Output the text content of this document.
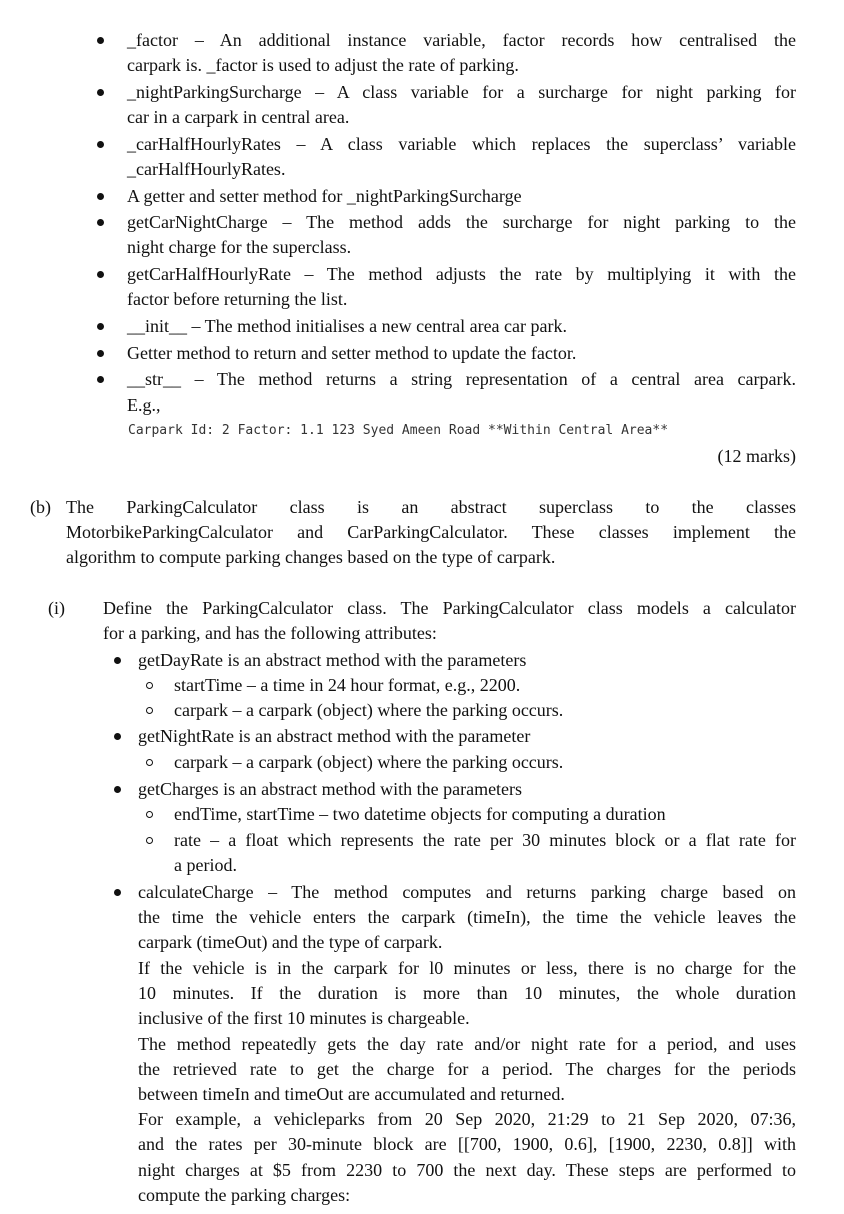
_factor – An additional instance variable, factor records how centralised the
carpark is. _factor is used to adjust the rate of parking.
_nightParkingSurcharge – A class variable for a surcharge for night parking for
car in a carpark in central area.
_carHalfHourlyRates – A class variable which replaces the superclass’ variable
_carHalfHourlyRates.
A getter and setter method for _nightParkingSurcharge
getCarNightCharge – The method adds the surcharge for night parking to the
night charge for the superclass.
getCarHalfHourlyRate – The method adjusts the rate by multiplying it with the
factor before returning the list.
__init__ – The method initialises a new central area car park.
Getter method to return and setter method to update the factor.
__str__ – The method returns a string representation of a central area carpark.
E.g.,
Carpark Id: 2 Factor: 1.1 123 Syed Ameen Road **Within Central Area**
(12 marks)
(b) The ParkingCalculator class is an abstract superclass to the classes
MotorbikeParkingCalculator and CarParkingCalculator. These classes implement the
algorithm to compute parking changes based on the type of carpark.
(i) Define the ParkingCalculator class. The ParkingCalculator class models a calculator
for a parking, and has the following attributes:
getDayRate is an abstract method with the parameters
startTime – a time in 24 hour format, e.g., 2200.
carpark – a carpark (object) where the parking occurs.
getNightRate is an abstract method with the parameter
carpark – a carpark (object) where the parking occurs.
getCharges is an abstract method with the parameters
endTime, startTime – two datetime objects for computing a duration
rate – a float which represents the rate per 30 minutes block or a flat rate for
a period.
calculateCharge – The method computes and returns parking charge based on
the time the vehicle enters the carpark (timeIn), the time the vehicle leaves the
carpark (timeOut) and the type of carpark.
If the vehicle is in the carpark for l0 minutes or less, there is no charge for the
10 minutes. If the duration is more than 10 minutes, the whole duration
inclusive of the first 10 minutes is chargeable.
The method repeatedly gets the day rate and/or night rate for a period, and uses
the retrieved rate to get the charge for a period. The charges for the periods
between timeIn and timeOut are accumulated and returned.
For example, a vehicleparks from 20 Sep 2020, 21:29 to 21 Sep 2020, 07:36,
and the rates per 30-minute block are [[700, 1900, 0.6], [1900, 2230, 0.8]] with
night charges at $5 from 2230 to 700 the next day. These steps are performed to
compute the parking charges:
